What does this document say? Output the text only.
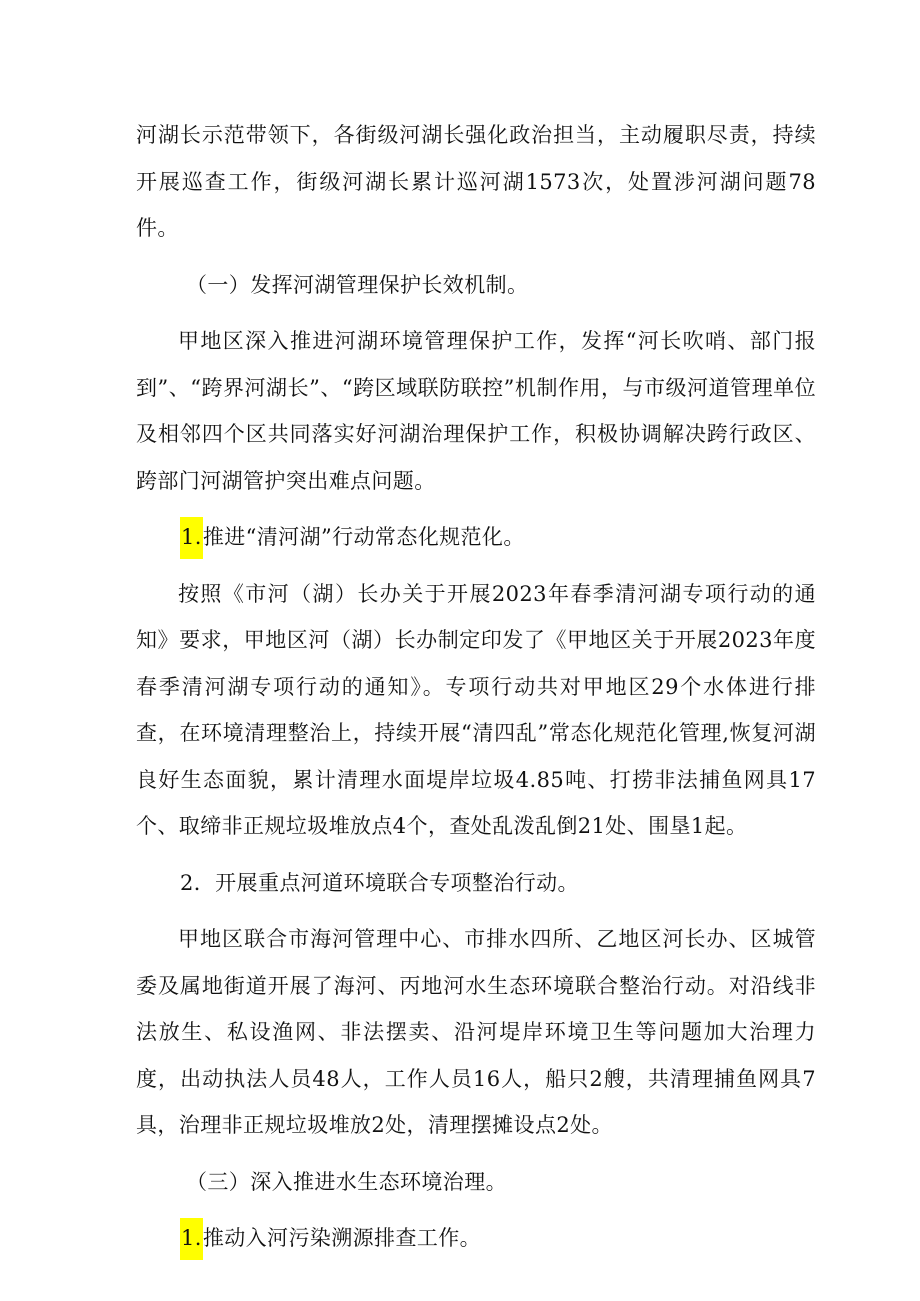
河湖长示范带领下，各街级河湖长强化政治担当，主动履职尽责，持续开展巡查工作，街级河湖长累计巡河湖1573次，处置涉河湖问题78件。

（一）发挥河湖管理保护长效机制。

甲地区深入推进河湖环境管理保护工作，发挥“河长吹哨、部门报到”、“跨界河湖长”、“跨区域联防联控”机制作用，与市级河道管理单位及相邻四个区共同落实好河湖治理保护工作，积极协调解决跨行政区、跨部门河湖管护突出难点问题。

1.推进“清河湖”行动常态化规范化。

按照《市河（湖）长办关于开展2023年春季清河湖专项行动的通知》要求，甲地区河（湖）长办制定印发了《甲地区关于开展2023年度春季清河湖专项行动的通知》。专项行动共对甲地区29个水体进行排查，在环境清理整治上，持续开展“清四乱”常态化规范化管理,恢复河湖良好生态面貌，累计清理水面堤岸垃圾4.85吨、打捞非法捕鱼网具17个、取缔非正规垃圾堆放点4个，查处乱泼乱倒21处、围垦1起。

2．开展重点河道环境联合专项整治行动。

甲地区联合市海河管理中心、市排水四所、乙地区河长办、区城管委及属地街道开展了海河、丙地河水生态环境联合整治行动。对沿线非法放生、私设渔网、非法摆卖、沿河堤岸环境卫生等问题加大治理力度，出动执法人员48人，工作人员16人，船只2艘，共清理捕鱼网具7具，治理非正规垃圾堆放2处，清理摆摊设点2处。

（三）深入推进水生态环境治理。

1.推动入河污染溯源排查工作。
